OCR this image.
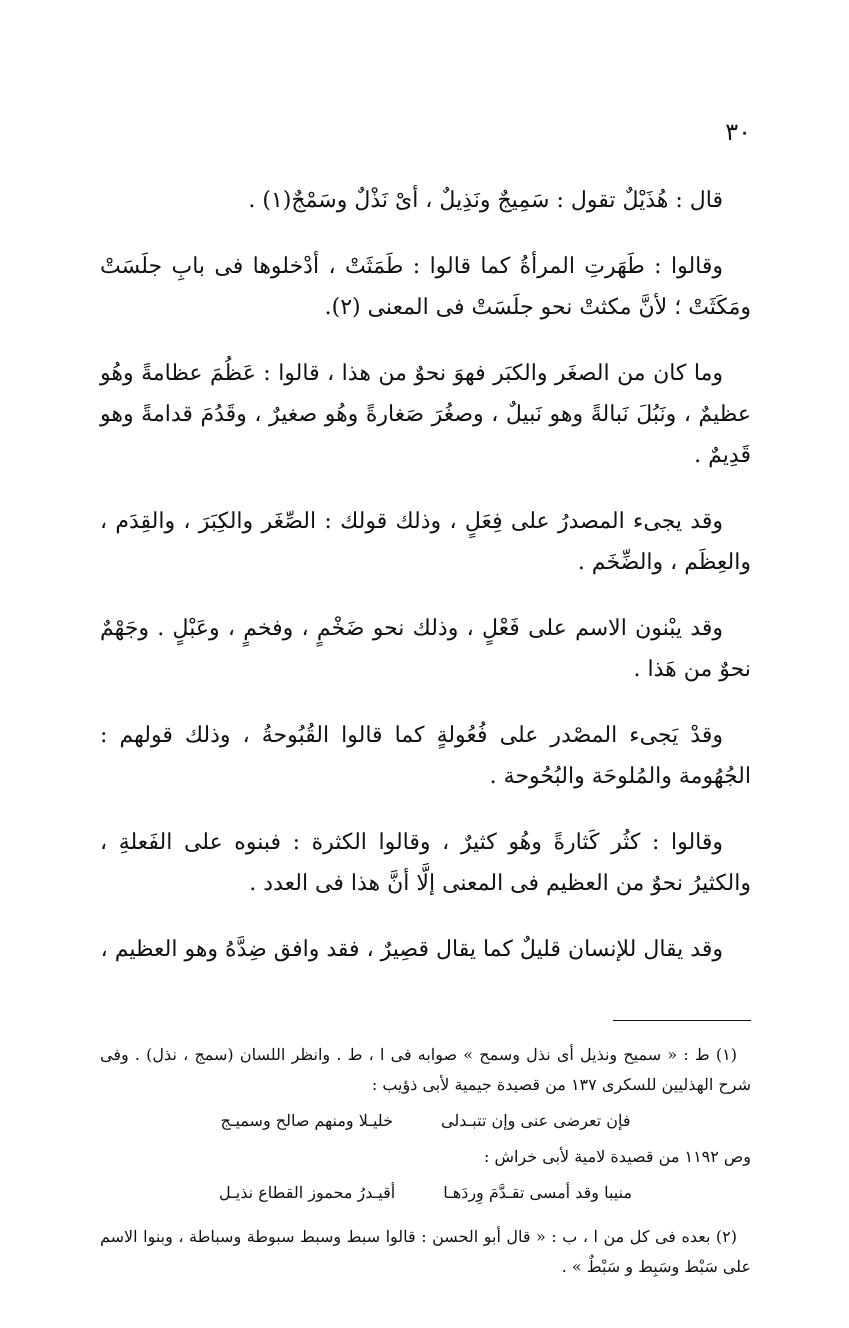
٣٠

قال : هُذَيْلٌ تقول : سَمِيجٌ ونَذِيلٌ ، أىْ نَذْلٌ وسَمْجٌ(١) .

وقالوا : طَهَرتِ المرأةُ كما قالوا : طَمَثَتْ ، أدْخلوها فى بابِ جلَسَتْ ومَكَثَتْ ؛ لأنَّ مكثتْ نحو جلَسَتْ فى المعنى (٢).

وما كان من الصغَر والكبَر فهوَ نحوٌ من هذا ، قالوا : عَظُمَ عظامةً وهُو عظيمٌ ، ونَبُلَ نَبالةً وهو نَبيلٌ ، وصغُرَ صَغارةً وهُو صغيرٌ ، وقَدُمَ قدامةً وهو قَدِيمٌ .

وقد يجىء المصدرُ على فِعَلٍ ، وذلك قولك : الصِّغَر والكِبَرَ ، والقِدَم ، والعِظَم ، والضِّخَم .

وقد يبْنون الاسم على فَعْلٍ ، وذلك نحو ضَخْمٍ ، وفخمٍ ، وعَبْلٍ . وجَهْمٌ نحوٌ من هَذا .

وقدْ يَجىء المصْدر على فُعُولةٍ كما قالوا القُبُوحةُ ، وذلك قولهم : الجُهُومة والمُلوحَة والبُحُوحة .

وقالوا : كثُر كَثارةً وهُو كثيرٌ ، وقالوا الكثرة : فبنوه على الفَعلةِ ، والكثيرُ نحوٌ من العظيم فى المعنى إلَّا أنَّ هذا فى العدد .

وقد يقال للإنسان قليلٌ كما يقال قصِيرٌ ، فقد وافق ضِدَّهُ وهو العظيم ،

(١) ط : « سميح ونذيل أى نذل وسمح » صوابه فى ا ، ط . وانظر اللسان (سمج ، نذل) . وفى شرح الهذليين للسكرى ١٣٧ من قصيدة جيمية لأبى ذؤيب :

فإن تعرضى عنى وإن تتبـدلى
خليـلا ومنهم صالح وسميـج

وص ١١٩٢ من قصيدة لامية لأبى خراش :

منيبا وقد أمسى تقـدَّمَ وِردَهـا
أقيـدرُ محموز القطاع نذيـل

(٢) بعده فى كل من ا ، ب : « قال أبو الحسن : قالوا سبط وسبط سبوطة وسباطة ، وبنوا الاسم على سَبْط وسَبِط و سَبْطٌ » .
